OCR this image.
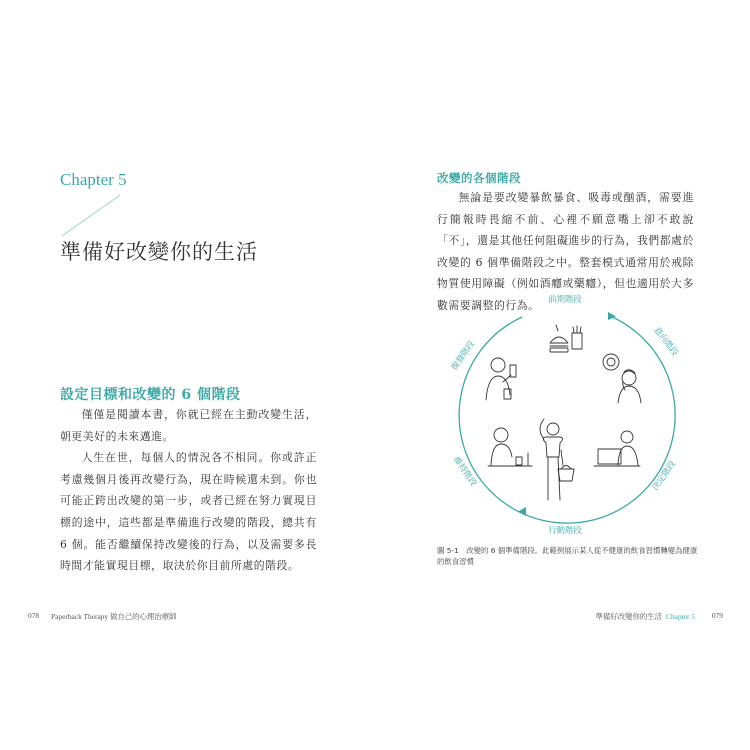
Chapter 5
準備好改變你的生活
設定目標和改變的 6 個階段

僅僅是閱讀本書，你就已經在主動改變生活，朝更美好的未來邁進。

人生在世，每個人的情況各不相同。你或許正考慮幾個月後再改變行為，現在時候還未到。你也可能正跨出改變的第一步，或者已經在努力實現目標的途中，這些都是準備進行改變的階段，總共有 6 個。能否繼續保持改變後的行為，以及需要多長時間才能實現目標，取決於你目前所處的階段。

078 Paperback Therapy 做自己的心理治療師
改變的各個階段

無論是要改變暴飲暴食、吸毒或酗酒，需要進行簡報時畏縮不前、心裡不願意嘴上卻不敢說「不」，還是其他任何阻礙進步的行為，我們都處於改變的 6 個準備階段之中。整套模式通常用於戒除物質使用障礙（例如酒癮或藥癮），但也適用於大多數需要調整的行為。	前期階段
意向階段
決定階段
行動階段
維持階段
復發階段
圖 5-1　改變的 6 個準備階段。此範例展示某人從不健康的飲食習慣轉變為健康的飲食習慣
準備好改變你的生活 Chapter 5 079
